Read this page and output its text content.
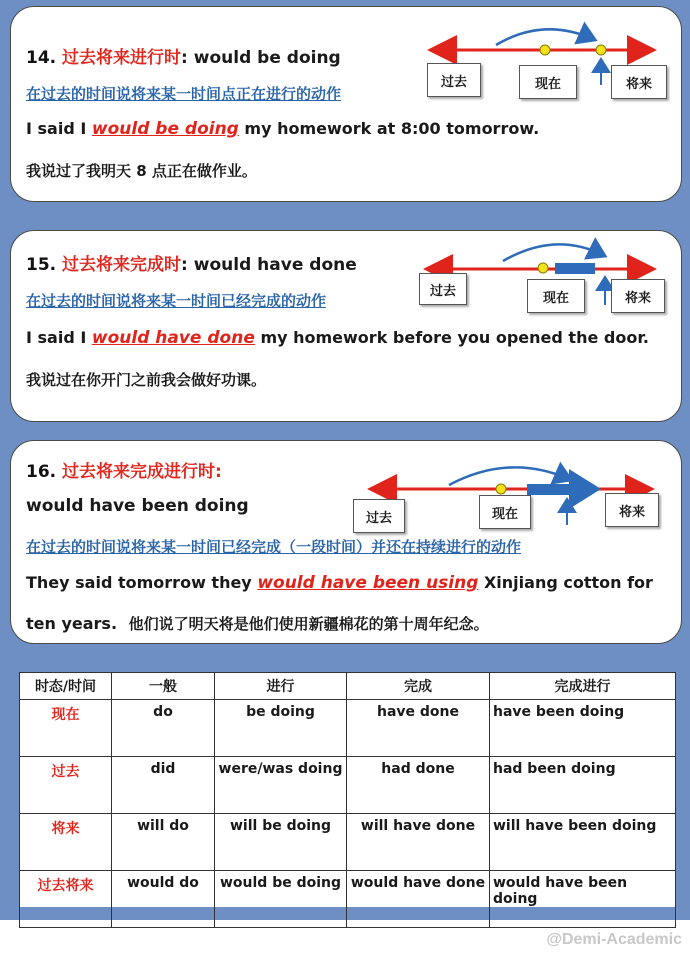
14. 过去将来进行时: would be doing
在过去的时间说将来某一时间点正在进行的动作
I said I would be doing my homework at 8:00 tomorrow.
我说过了我明天 8 点正在做作业。
过去	现在	将来
15. 过去将来完成时: would have done
在过去的时间说将来某一时间已经完成的动作
I said I would have done my homework before you opened the door.
我说过在你开门之前我会做好功课。
过去	现在	将来
16. 过去将来完成进行时:
would have been doing
在过去的时间说将来某一时间已经完成（一段时间）并还在持续进行的动作
They said tomorrow they would have been using Xinjiang cotton for
ten years. 他们说了明天将是他们使用新疆棉花的第十周年纪念。
过去	现在	将来
时态/时间	一般	进行	完成	完成进行
现在	do	be doing	have done	have been doing
过去	did	were/was doing	had done	had been doing
将来	will do	will be doing	will have done	will have been doing
过去将来	would do	would be doing	would have done	would have been doing
@Demi-Academic
